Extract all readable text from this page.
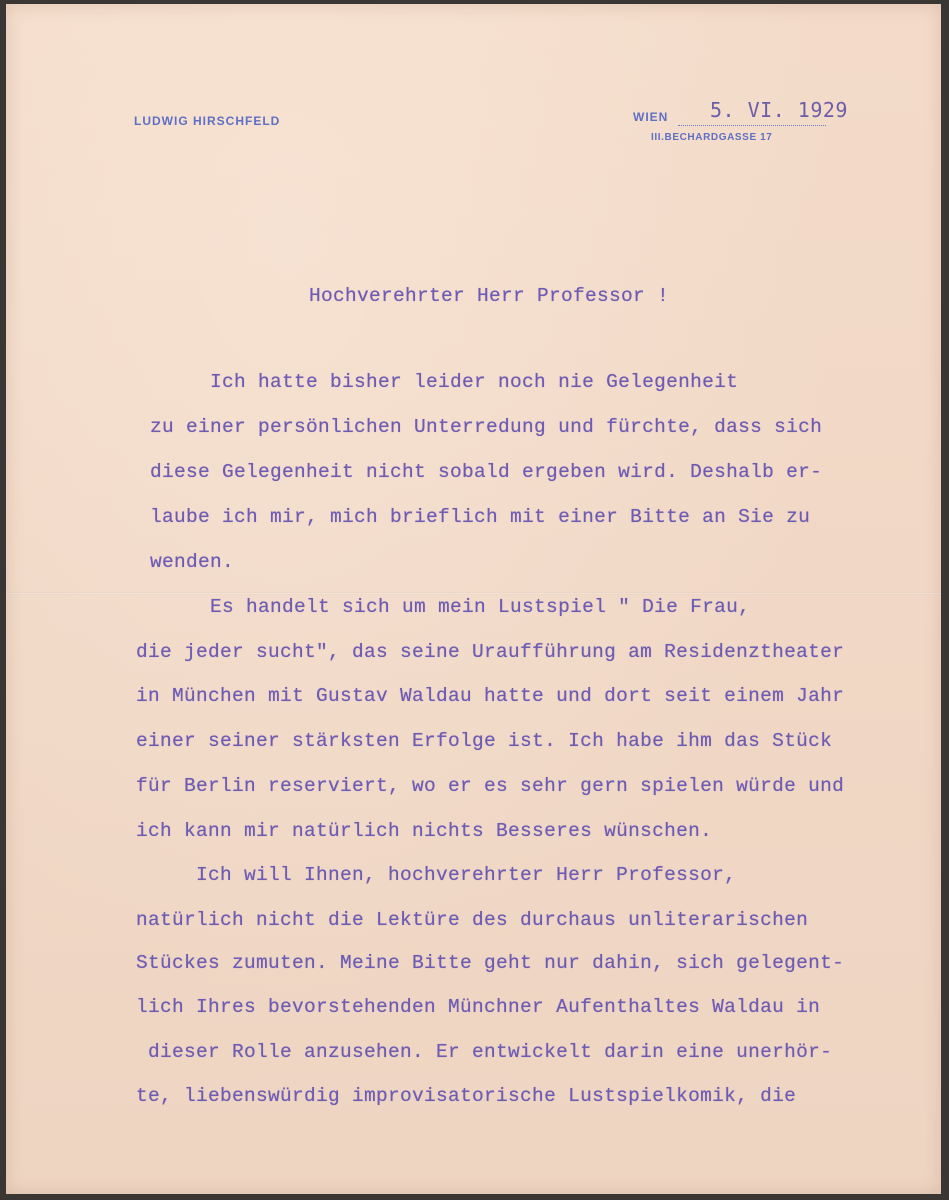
LUDWIG HIRSCHFELD	WIEN 5. VI. 1929
III.BECHARDGASSE 17
Hochverehrter Herr Professor !
Ich hatte bisher leider noch nie Gelegenheit
zu einer persönlichen Unterredung und fürchte, dass sich
diese Gelegenheit nicht sobald ergeben wird. Deshalb er-
laube ich mir, mich brieflich mit einer Bitte an Sie zu
wenden.
Es handelt sich um mein Lustspiel " Die Frau,
die jeder sucht", das seine Uraufführung am Residenztheater
in München mit Gustav Waldau hatte und dort seit einem Jahr
einer seiner stärksten Erfolge ist. Ich habe ihm das Stück
für Berlin reserviert, wo er es sehr gern spielen würde und
ich kann mir natürlich nichts Besseres wünschen.
Ich will Ihnen, hochverehrter Herr Professor,
natürlich nicht die Lektüre des durchaus unliterarischen
Stückes zumuten. Meine Bitte geht nur dahin, sich gelegent-
lich Ihres bevorstehenden Münchner Aufenthaltes Waldau in
dieser Rolle anzusehen. Er entwickelt darin eine unerhör-
te, liebenswürdig improvisatorische Lustspielkomik, die
